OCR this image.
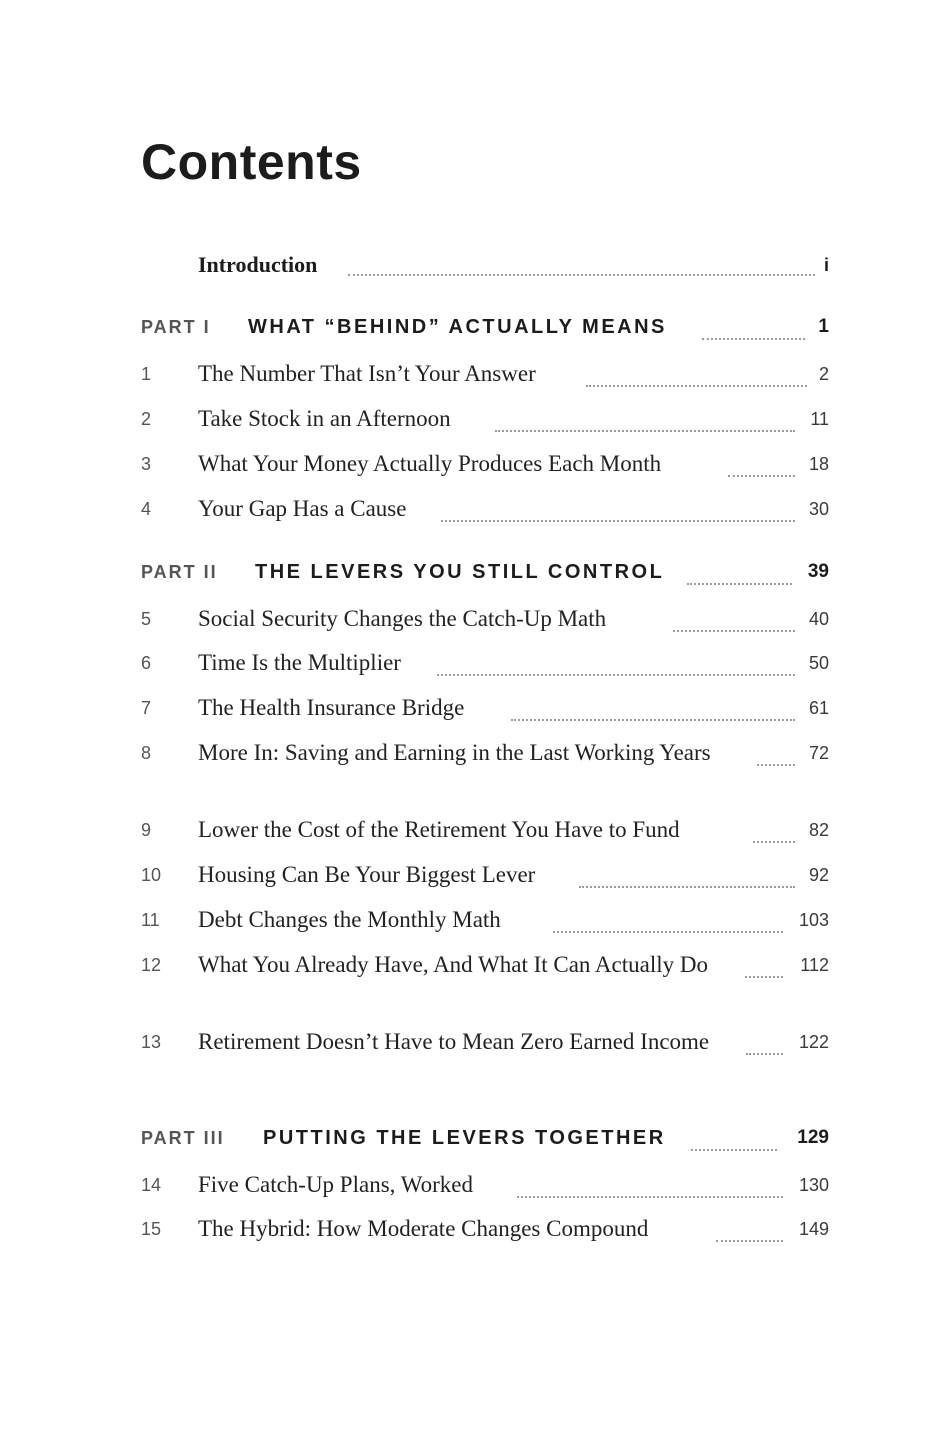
Contents
Introduction	i
PART I WHAT “BEHIND” ACTUALLY MEANS	1
1 The Number That Isn’t Your Answer	2
2 Take Stock in an Afternoon	11
3 What Your Money Actually Produces Each Month	18
4 Your Gap Has a Cause	30
PART II THE LEVERS YOU STILL CONTROL	39
5 Social Security Changes the Catch-Up Math	40
6 Time Is the Multiplier	50
7 The Health Insurance Bridge	61
8 More In: Saving and Earning in the Last Working Years	72
9 Lower the Cost of the Retirement You Have to Fund	82
10 Housing Can Be Your Biggest Lever	92
11 Debt Changes the Monthly Math	103
12 What You Already Have, And What It Can Actually Do	112
13 Retirement Doesn’t Have to Mean Zero Earned Income	122
PART III PUTTING THE LEVERS TOGETHER	129
14 Five Catch-Up Plans, Worked	130
15 The Hybrid: How Moderate Changes Compound	149
